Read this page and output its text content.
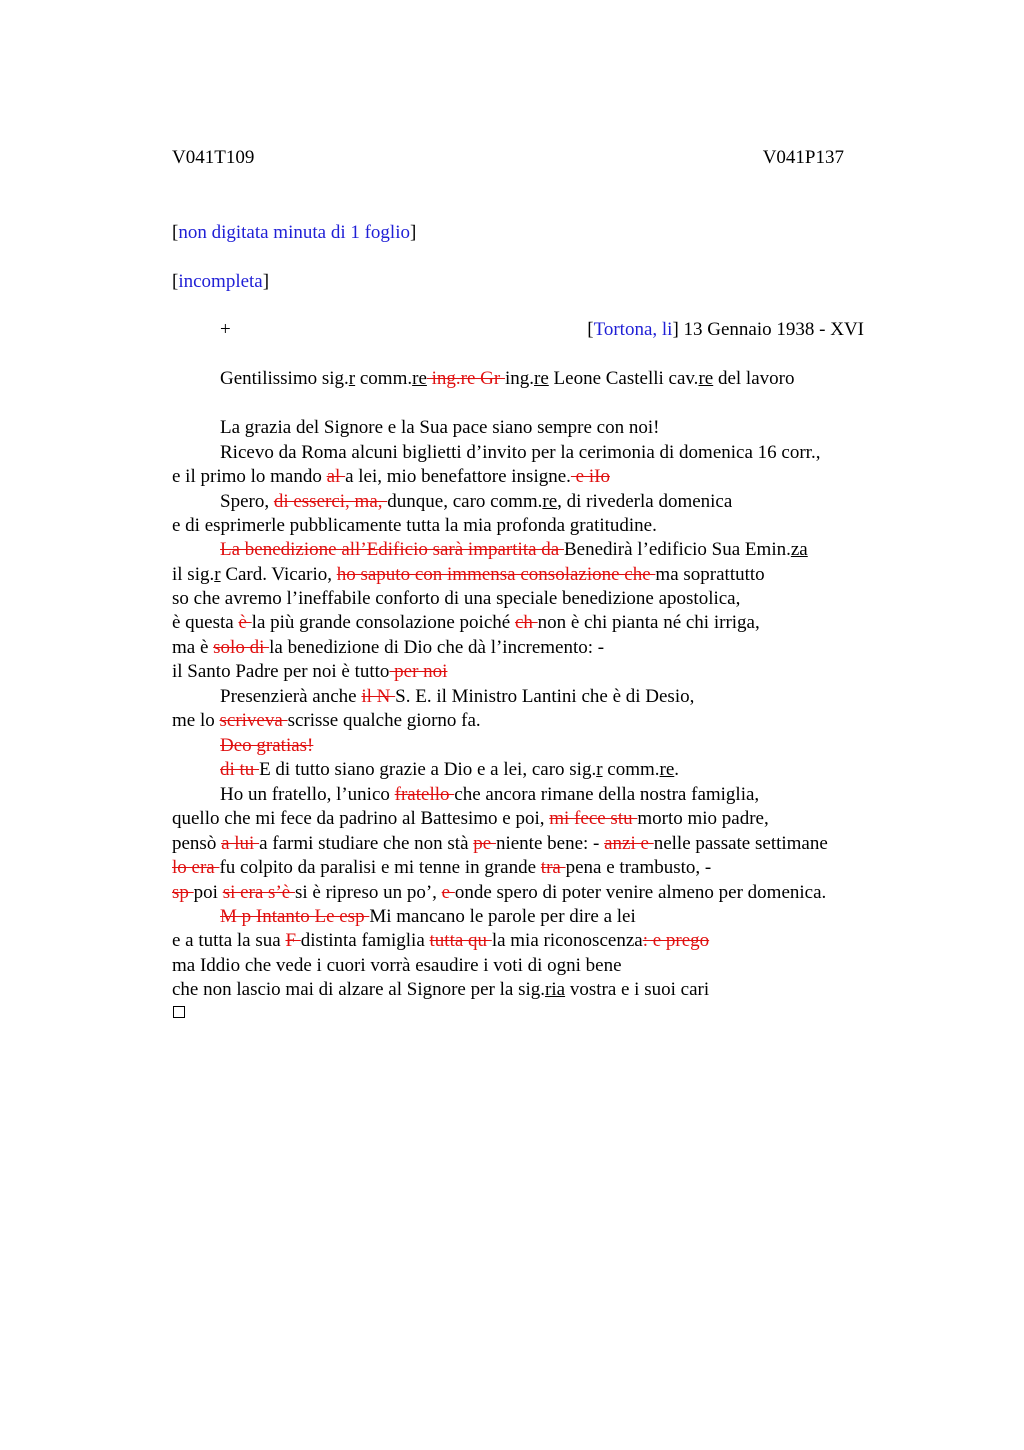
V041T109	V041P137
[non digitata minuta di 1 foglio]
[incompleta]
+	[Tortona, li] 13 Gennaio 1938 - XVI
Gentilissimo sig.r comm.re ing.re Gr ing.re Leone Castelli cav.re del lavoro
La grazia del Signore e la Sua pace siano sempre con noi!
Ricevo da Roma alcuni biglietti d’invito per la cerimonia di domenica 16 corr.,
e il primo lo mando al a lei, mio benefattore insigne. e iIo
Spero, di esserci, ma, dunque, caro comm.re, di rivederla domenica
e di esprimerle pubblicamente tutta la mia profonda gratitudine.
La benedizione all’Edificio sarà impartita da Benedirà l’edificio Sua Emin.za
il sig.r Card. Vicario, ho saputo con immensa consolazione che ma soprattutto
so che avremo l’ineffabile conforto di una speciale benedizione apostolica,
è questa è la più grande consolazione poiché ch non è chi pianta né chi irriga,
ma è solo di la benedizione di Dio che dà l’incremento: -
il Santo Padre per noi è tutto per noi
Presenzierà anche il N S. E. il Ministro Lantini che è di Desio,
me lo scriveva scrisse qualche giorno fa.
Deo gratias!
di tu E di tutto siano grazie a Dio e a lei, caro sig.r comm.re.
Ho un fratello, l’unico fratello che ancora rimane della nostra famiglia,
quello che mi fece da padrino al Battesimo e poi, mi fece stu morto mio padre,
pensò a lui a farmi studiare che non stà pe niente bene: - anzi e nelle passate settimane
lo era fu colpito da paralisi e mi tenne in grande tra pena e trambusto, -
sp poi si era s’è si è ripreso un po’, e onde spero di poter venire almeno per domenica.
M p Intanto Le esp Mi mancano le parole per dire a lei
e a tutta la sua F distinta famiglia tutta qu la mia riconoscenza: e prego
ma Iddio che vede i cuori vorrà esaudire i voti di ogni bene
che non lascio mai di alzare al Signore per la sig.ria vostra e i suoi cari
